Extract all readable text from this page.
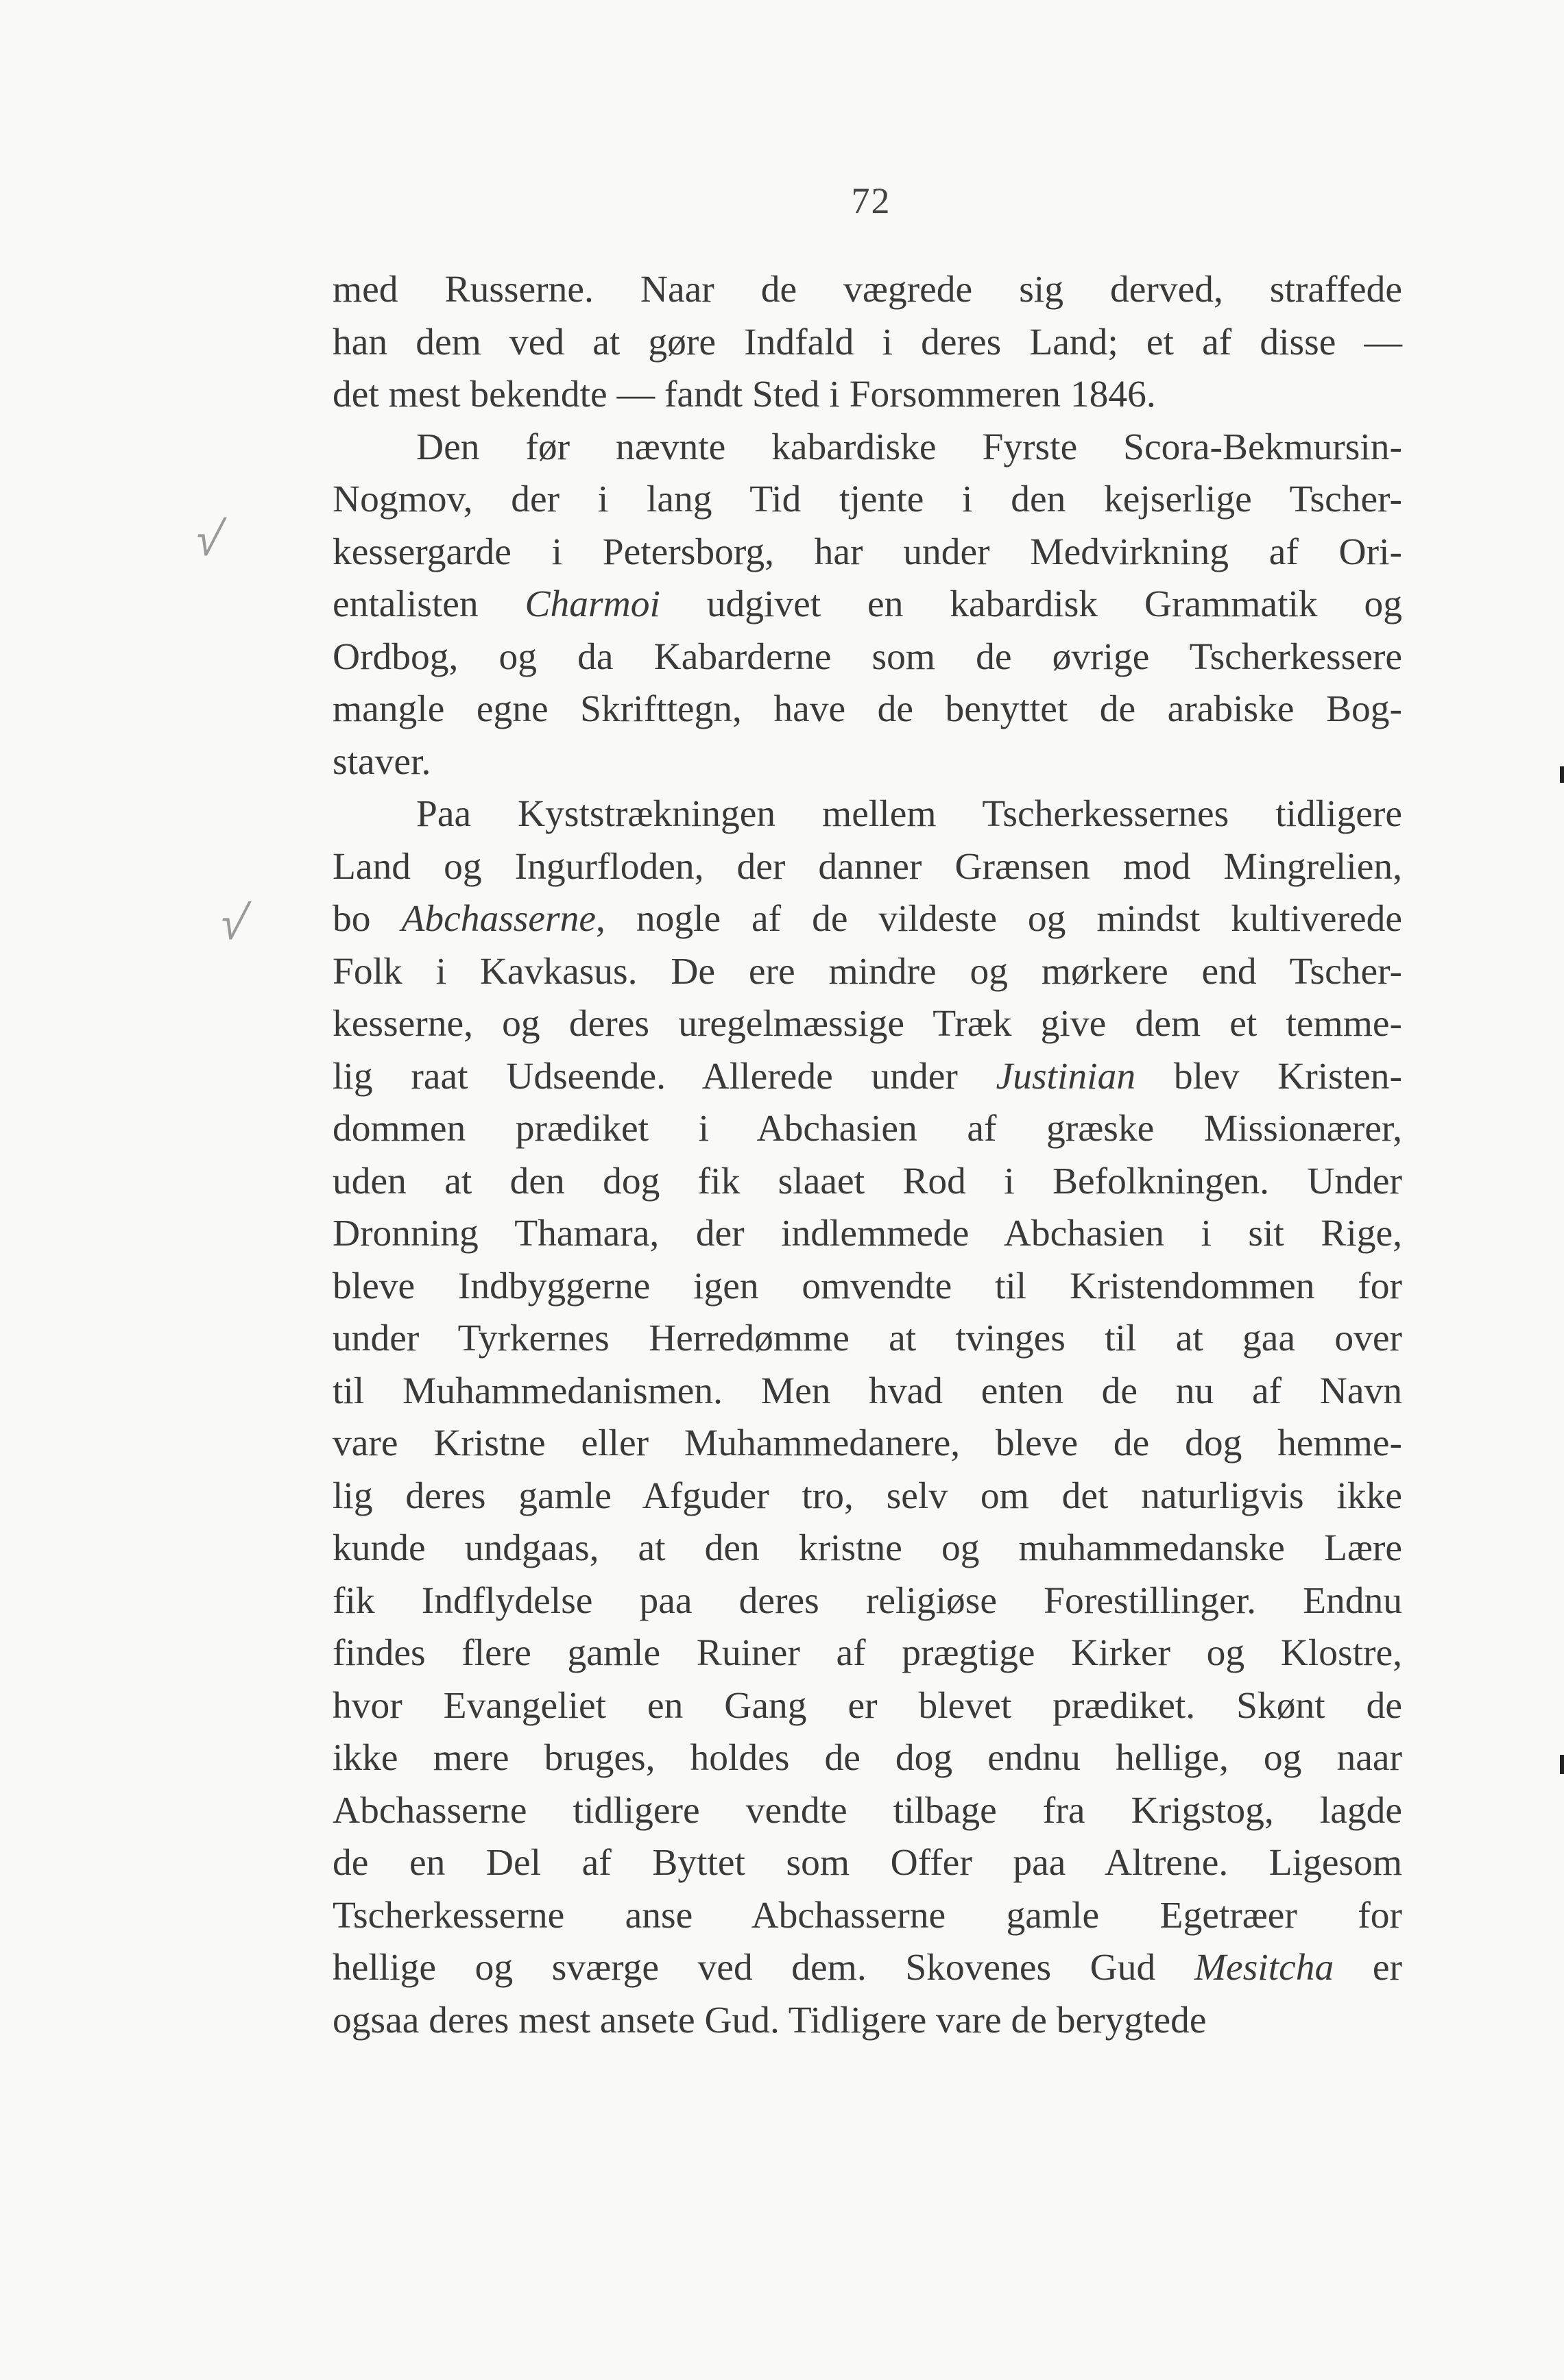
72
√
√

med Russerne. Naar de vægrede sig derved, straffede
han dem ved at gøre Indfald i deres Land; et af disse —
det mest bekendte — fandt Sted i Forsommeren 1846.

Den før nævnte kabardiske Fyrste Scora-Bekmursin-
Nogmov, der i lang Tid tjente i den kejserlige Tscher-
kessergarde i Petersborg, har under Medvirkning af Ori-
entalisten Charmoi udgivet en kabardisk Grammatik og
Ordbog, og da Kabarderne som de øvrige Tscherkessere
mangle egne Skrifttegn, have de benyttet de arabiske Bog-
staver.

Paa Kyststrækningen mellem Tscherkessernes tidligere
Land og Ingurfloden, der danner Grænsen mod Mingrelien,
bo Abchasserne, nogle af de vildeste og mindst kultiverede
Folk i Kavkasus. De ere mindre og mørkere end Tscher-
kesserne, og deres uregelmæssige Træk give dem et temme-
lig raat Udseende. Allerede under Justinian blev Kristen-
dommen prædiket i Abchasien af græske Missionærer,
uden at den dog fik slaaet Rod i Befolkningen. Under
Dronning Thamara, der indlemmede Abchasien i sit Rige,
bleve Indbyggerne igen omvendte til Kristendommen for
under Tyrkernes Herredømme at tvinges til at gaa over
til Muhammedanismen. Men hvad enten de nu af Navn
vare Kristne eller Muhammedanere, bleve de dog hemme-
lig deres gamle Afguder tro, selv om det naturligvis ikke
kunde undgaas, at den kristne og muhammedanske Lære
fik Indflydelse paa deres religiøse Forestillinger. Endnu
findes flere gamle Ruiner af prægtige Kirker og Klostre,
hvor Evangeliet en Gang er blevet prædiket. Skønt de
ikke mere bruges, holdes de dog endnu hellige, og naar
Abchasserne tidligere vendte tilbage fra Krigstog, lagde
de en Del af Byttet som Offer paa Altrene. Ligesom
Tscherkesserne anse Abchasserne gamle Egetræer for
hellige og sværge ved dem. Skovenes Gud Mesitcha er
ogsaa deres mest ansete Gud. Tidligere vare de berygtede
